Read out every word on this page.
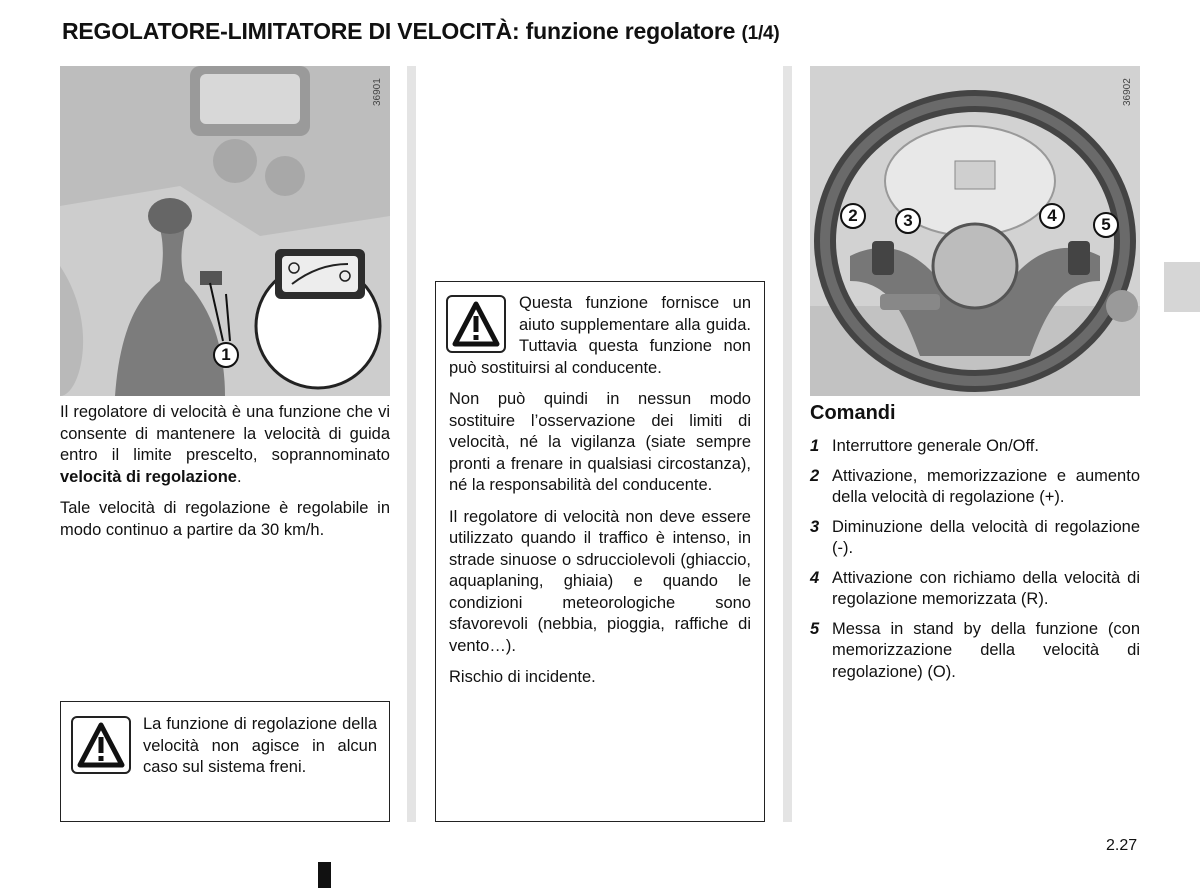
REGOLATORE-LIMITATORE DI VELOCITÀ: funzione regolatore (1/4)
36901
1

Il regolatore di velocità è una funzione che vi consente di mantenere la velocità di guida entro il limite prescelto, soprannominato velocità di regolazione.

Tale velocità di regolazione è regolabile in modo continuo a partire da 30 km/h.

La funzione di regolazione della velocità non agisce in alcun caso sul sistema freni.

Questa funzione fornisce un aiuto supplementare alla guida. Tuttavia questa funzione non può sostituirsi al conducente.

Non può quindi in nessun modo sostituire l’osservazione dei limiti di velocità, né la vigilanza (siate sempre pronti a frenare in qualsiasi circostanza), né la responsabilità del conducente.

Il regolatore di velocità non deve essere utilizzato quando il traffico è intenso, in strade sinuose o sdrucciolevoli (ghiaccio, aquaplaning, ghiaia) e quando le condizioni meteorologiche sono sfavorevoli (nebbia, pioggia, raffiche di vento…).

Rischio di incidente.

36902
2	3	4	5
Comandi
1 Interruttore generale On/Off.
2 Attivazione, memorizzazione e aumento della velocità di regolazione (+).
3 Diminuzione della velocità di regolazione (-).
4 Attivazione con richiamo della velocità di regolazione memorizzata (R).
5 Messa in stand by della funzione (con memorizzazione della velocità di regolazione) (O).
2.27
